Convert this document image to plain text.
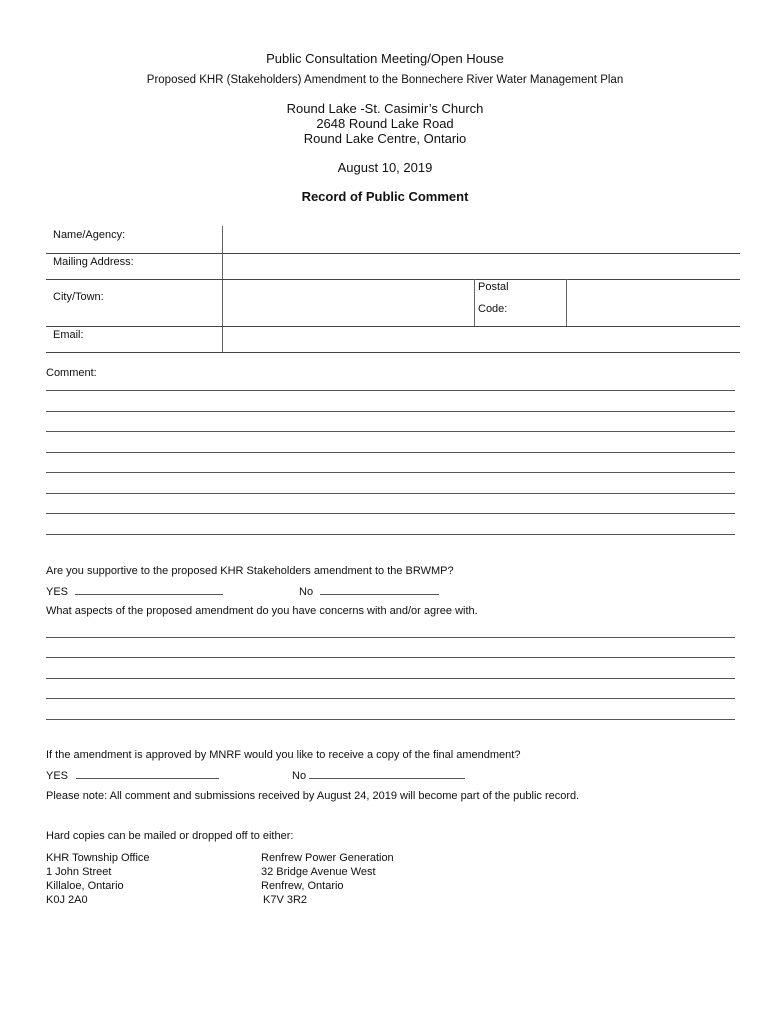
Public Consultation Meeting/Open House
Proposed KHR (Stakeholders) Amendment to the Bonnechere River Water Management Plan
Round Lake -St. Casimir’s Church
2648 Round Lake Road
Round Lake Centre, Ontario
August 10, 2019
Record of Public Comment
Name/Agency:
Mailing Address:
City/Town:
Postal
Code:
Email:
Comment:
Are you supportive to the proposed KHR Stakeholders amendment to the BRWMP?
YES	No
What aspects of the proposed amendment do you have concerns with and/or agree with.
If the amendment is approved by MNRF would you like to receive a copy of the final amendment?
YES	No
Please note: All comment and submissions received by August 24, 2019 will become part of the public record.
Hard copies can be mailed or dropped off to either:
KHR Township Office
1 John Street
Killaloe, Ontario
K0J 2A0
Renfrew Power Generation
32 Bridge Avenue West
Renfrew, Ontario
K7V 3R2
